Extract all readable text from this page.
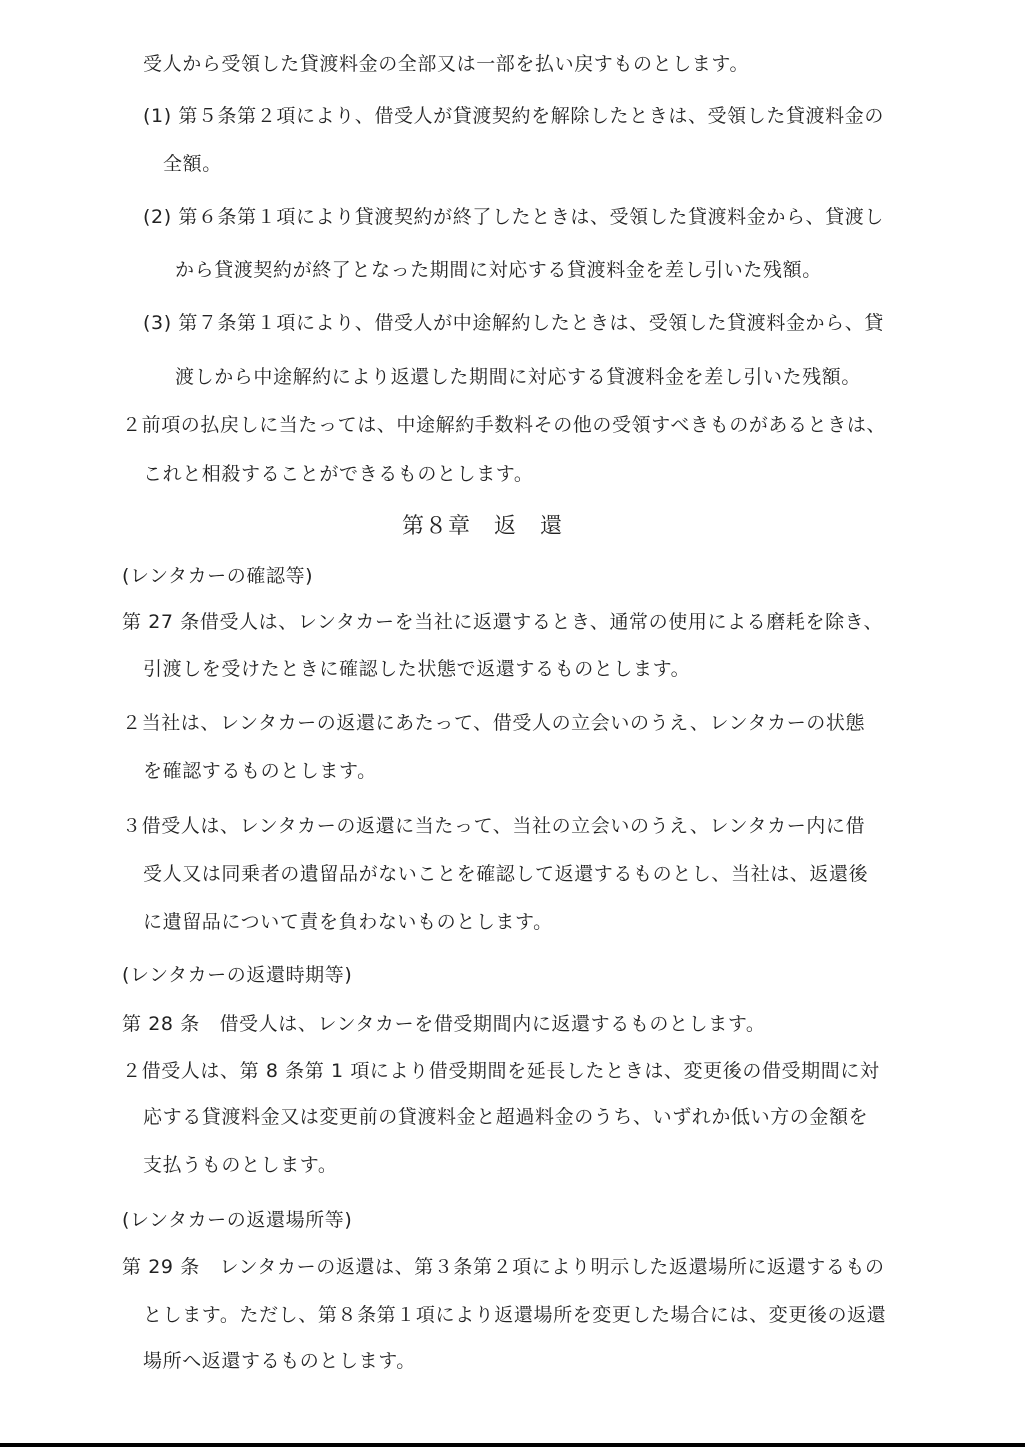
受人から受領した貸渡料金の全部又は一部を払い戻すものとします。
(1) 第５条第２項により、借受人が貸渡契約を解除したときは、受領した貸渡料金の
全額。
(2) 第６条第１項により貸渡契約が終了したときは、受領した貸渡料金から、貸渡し
から貸渡契約が終了となった期間に対応する貸渡料金を差し引いた残額。
(3) 第７条第１項により、借受人が中途解約したときは、受領した貸渡料金から、貸
渡しから中途解約により返還した期間に対応する貸渡料金を差し引いた残額。
２前項の払戻しに当たっては、中途解約手数料その他の受領すべきものがあるときは、
これと相殺することができるものとします。
第８章　返　還
(レンタカーの確認等)
第 27 条借受人は、レンタカーを当社に返還するとき、通常の使用による磨耗を除き、
引渡しを受けたときに確認した状態で返還するものとします。
２当社は、レンタカーの返還にあたって、借受人の立会いのうえ、レンタカーの状態
を確認するものとします。
３借受人は、レンタカーの返還に当たって、当社の立会いのうえ、レンタカー内に借
受人又は同乗者の遺留品がないことを確認して返還するものとし、当社は、返還後
に遺留品について責を負わないものとします。
(レンタカーの返還時期等)
第 28 条　借受人は、レンタカーを借受期間内に返還するものとします。
２借受人は、第 8 条第 1 項により借受期間を延長したときは、変更後の借受期間に対
応する貸渡料金又は変更前の貸渡料金と超過料金のうち、いずれか低い方の金額を
支払うものとします。
(レンタカーの返還場所等)
第 29 条　レンタカーの返還は、第３条第２項により明示した返還場所に返還するもの
とします。ただし、第８条第１項により返還場所を変更した場合には、変更後の返還
場所へ返還するものとします。
